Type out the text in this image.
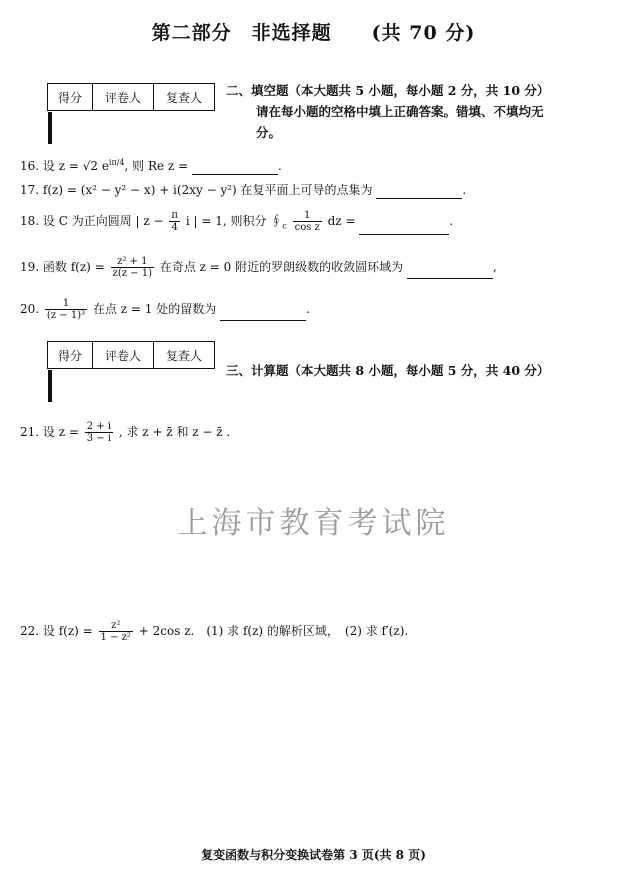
第二部分　非选择题　　(共 70 分)
得分	评卷人	复查人
		二、填空题（本大题共 5 小题，每小题 2 分，共 10 分）
请在每小题的空格中填上正确答案。错填、不填均无
分。
16. 设 z = √2 $e^{i\pi/4}$, 则 Re z =	.
17. f(z) = (x² − y² − x) + i(2xy − y²) 在复平面上可导的点集为	.
18. 设 C 为正向圆周 | $z - \frac{\pi}{4}$ i | = 1, 则积分 $∮_c \frac{1}{\text{cos z}}$ dz =	.
19. 函数 $f(z) = \frac{\text{z² + 1}}{z(z - 1)}$ 在奇点 z = 0 附近的罗朗级数的收敛圆环域为	,
20. $\frac{1}{\text{(z − 1)³}}$ 在点 z = 1 处的留数为	.
得分	评卷人	复查人

三、计算题（本大题共 8 小题，每小题 5 分，共 40 分）
21. 设 $z = \frac{2 + i}{3 - i}$ , 求 z + z̄ 和 z − z̄ .
上海市教育考试院
22. 设 $f(z) = \frac{\text{z²}}{\text{1 − z²}} + 2\cos$ z.　(1) 求 f(z) 的解析区域，　(2) 求 f′(z).
复变函数与积分变换试卷第 3 页(共 8 页)
